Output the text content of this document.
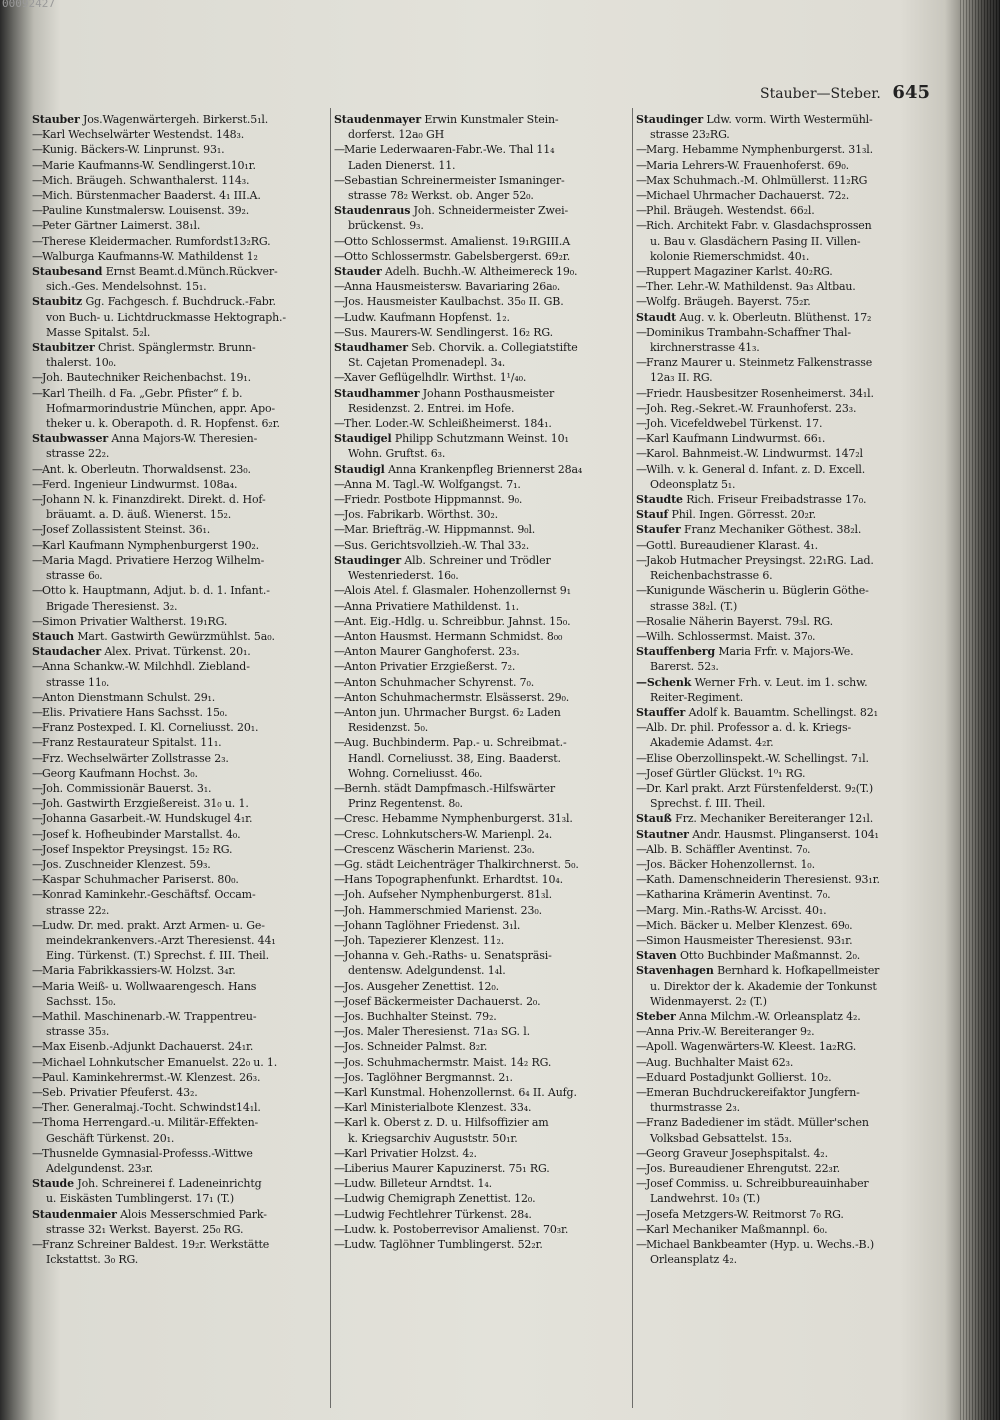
00092427
Stauber—Steber. 645
Stauber Jos.Wagenwärtergeh. Birkerst.5₁l.
—Karl Wechselwärter Westendst. 148₃.
—Kunig. Bäckers-W. Linprunst. 93₁.
—Marie Kaufmanns-W. Sendlingerst.10₁r.
—Mich. Bräugeh. Schwanthalerst. 114₃.
—Mich. Bürstenmacher Baaderst. 4₁ III.A.
—Pauline Kunstmalersw. Louisenst. 39₂.
—Peter Gärtner Laimerst. 38₁l.
—Therese Kleidermacher. Rumfordst13₂RG.
—Walburga Kaufmanns-W. Mathildenst 1₂
Staubesand Ernst Beamt.d.Münch.Rückver-
sich.-Ges. Mendelsohnst. 15₁.
Staubitz Gg. Fachgesch. f. Buchdruck.-Fabr.
von Buch- u. Lichtdruckmasse Hektograph.-
Masse Spitalst. 5₂l.
Staubitzer Christ. Spänglermstr. Brunn-
thalerst. 10₀.
—Joh. Bautechniker Reichenbachst. 19₁.
—Karl Theilh. d Fa. „Gebr. Pfister“ f. b.
Hofmarmorindustrie München, appr. Apo-
theker u. k. Oberapoth. d. R. Hopfenst. 6₂r.
Staubwasser Anna Majors-W. Theresien-
strasse 22₂.
—Ant. k. Oberleutn. Thorwaldsenst. 23₀.
—Ferd. Ingenieur Lindwurmst. 108a₄.
—Johann N. k. Finanzdirekt. Direkt. d. Hof-
bräuamt. a. D. äuß. Wienerst. 15₂.
—Josef Zollassistent Steinst. 36₁.
—Karl Kaufmann Nymphenburgerst 190₂.
—Maria Magd. Privatiere Herzog Wilhelm-
strasse 6₀.
—Otto k. Hauptmann, Adjut. b. d. 1. Infant.-
Brigade Theresienst. 3₂.
—Simon Privatier Waltherst. 19₁RG.
Stauch Mart. Gastwirth Gewürzmühlst. 5a₀.
Staudacher Alex. Privat. Türkenst. 20₁.
—Anna Schankw.-W. Milchhdl. Ziebland-
strasse 11₀.
—Anton Dienstmann Schulst. 29₁.
—Elis. Privatiere Hans Sachsst. 15₀.
—Franz Postexped. I. Kl. Corneliusst. 20₁.
—Franz Restaurateur Spitalst. 11₁.
—Frz. Wechselwärter Zollstrasse 2₃.
—Georg Kaufmann Hochst. 3₀.
—Joh. Commissionär Bauerst. 3₁.
—Joh. Gastwirth Erzgießereist. 31₀ u. 1.
—Johanna Gasarbeit.-W. Hundskugel 4₁r.
—Josef k. Hofheubinder Marstallst. 4₀.
—Josef Inspektor Preysingst. 15₂ RG.
—Jos. Zuschneider Klenzest. 59₃.
—Kaspar Schuhmacher Pariserst. 80₀.
—Konrad Kaminkehr.-Geschäftsf. Occam-
strasse 22₂.
—Ludw. Dr. med. prakt. Arzt Armen- u. Ge-
meindekrankenvers.-Arzt Theresienst. 44₁
Eing. Türkenst. (T.) Sprechst. f. III. Theil.
—Maria Fabrikkassiers-W. Holzst. 3₄r.
—Maria Weiß- u. Wollwaarengesch. Hans
Sachsst. 15₀.
—Mathil. Maschinenarb.-W. Trappentreu-
strasse 35₃.
—Max Eisenb.-Adjunkt Dachauerst. 24₁r.
—Michael Lohnkutscher Emanuelst. 22₀ u. 1.
—Paul. Kaminkehrermst.-W. Klenzest. 26₃.
—Seb. Privatier Pfeuferst. 43₂.
—Ther. Generalmaj.-Tocht. Schwindst14₁l.
—Thoma Herrengard.-u. Militär-Effekten-
Geschäft Türkenst. 20₁.
—Thusnelde Gymnasial-Professs.-Wittwe
Adelgundenst. 23₃r.
Staude Joh. Schreinerei f. Ladeneinrichtg
u. Eiskästen Tumblingerst. 17₁ (T.)
Staudenmaier Alois Messerschmied Park-
strasse 32₁ Werkst. Bayerst. 25₀ RG.
—Franz Schreiner Baldest. 19₂r. Werkstätte
Ickstattst. 3₀ RG.
Staudenmayer Erwin Kunstmaler Stein-
dorferst. 12a₀ GH
—Marie Lederwaaren-Fabr.-We. Thal 11₄
Laden Dienerst. 11.
—Sebastian Schreinermeister Ismaninger-
strasse 78₂ Werkst. ob. Anger 52₀.
Staudenraus Joh. Schneidermeister Zwei-
brückenst. 9₃.
—Otto Schlossermst. Amalienst. 19₁RGIII.A
—Otto Schlossermstr. Gabelsbergerst. 69₂r.
Stauder Adelh. Buchh.-W. Altheimereck 19₀.
—Anna Hausmeistersw. Bavariaring 26a₀.
—Jos. Hausmeister Kaulbachst. 35₀ II. GB.
—Ludw. Kaufmann Hopfenst. 1₂.
—Sus. Maurers-W. Sendlingerst. 16₂ RG.
Staudhamer Seb. Chorvik. a. Collegiatstifte
St. Cajetan Promenadepl. 3₄.
—Xaver Geflügelhdlr. Wirthst. 1¹/₄₀.
Staudhammer Johann Posthausmeister
Residenzst. 2. Entrei. im Hofe.
—Ther. Loder.-W. Schleißheimerst. 184₁.
Staudigel Philipp Schutzmann Weinst. 10₁
Wohn. Gruftst. 6₃.
Staudigl Anna Krankenpfleg Briennerst 28a₄
—Anna M. Tagl.-W. Wolfgangst. 7₁.
—Friedr. Postbote Hippmannst. 9₀.
—Jos. Fabrikarb. Wörthst. 30₂.
—Mar. Briefträg.-W. Hippmannst. 9₀l.
—Sus. Gerichtsvollzieh.-W. Thal 33₂.
Staudinger Alb. Schreiner und Trödler
Westenriederst. 16₀.
—Alois Atel. f. Glasmaler. Hohenzollernst 9₁
—Anna Privatiere Mathildenst. 1₁.
—Ant. Eig.-Hdlg. u. Schreibbur. Jahnst. 15₀.
—Anton Hausmst. Hermann Schmidst. 8₀₀
—Anton Maurer Ganghoferst. 23₃.
—Anton Privatier Erzgießerst. 7₂.
—Anton Schuhmacher Schyrenst. 7₀.
—Anton Schuhmachermstr. Elsässerst. 29₀.
—Anton jun. Uhrmacher Burgst. 6₂ Laden
Residenzst. 5₀.
—Aug. Buchbinderm. Pap.- u. Schreibmat.-
Handl. Corneliusst. 38, Eing. Baaderst.
Wohng. Corneliusst. 46₀.
—Bernh. städt Dampfmasch.-Hilfswärter
Prinz Regentenst. 8₀.
—Cresc. Hebamme Nymphenburgerst. 31₃l.
—Cresc. Lohnkutschers-W. Marienpl. 2₄.
—Crescenz Wäscherin Marienst. 23₀.
—Gg. städt Leichenträger Thalkirchnerst. 5₀.
—Hans Topographenfunkt. Erhardtst. 10₄.
—Joh. Aufseher Nymphenburgerst. 81₃l.
—Joh. Hammerschmied Marienst. 23₀.
—Johann Taglöhner Friedenst. 3₁l.
—Joh. Tapezierer Klenzest. 11₂.
—Johanna v. Geh.-Raths- u. Senatspräsi-
dentensw. Adelgundenst. 1₄l.
—Jos. Ausgeher Zenettist. 12₀.
—Josef Bäckermeister Dachauerst. 2₀.
—Jos. Buchhalter Steinst. 79₂.
—Jos. Maler Theresienst. 71a₃ SG. l.
—Jos. Schneider Palmst. 8₂r.
—Jos. Schuhmachermstr. Maist. 14₂ RG.
—Jos. Taglöhner Bergmannst. 2₁.
—Karl Kunstmal. Hohenzollernst. 6₄ II. Aufg.
—Karl Ministerialbote Klenzest. 33₄.
—Karl k. Oberst z. D. u. Hilfsoffizier am
k. Kriegsarchiv Auguststr. 50₁r.
—Karl Privatier Holzst. 4₂.
—Liberius Maurer Kapuzinerst. 75₁ RG.
—Ludw. Billeteur Arndtst. 1₄.
—Ludwig Chemigraph Zenettist. 12₀.
—Ludwig Fechtlehrer Türkenst. 28₄.
—Ludw. k. Postoberrevisor Amalienst. 70₃r.
—Ludw. Taglöhner Tumblingerst. 52₂r.
Staudinger Ldw. vorm. Wirth Westermühl-
strasse 23₂RG.
—Marg. Hebamme Nymphenburgerst. 31₃l.
—Maria Lehrers-W. Frauenhoferst. 69₀.
—Max Schuhmach.-M. Ohlmüllerst. 11₂RG
—Michael Uhrmacher Dachauerst. 72₂.
—Phil. Bräugeh. Westendst. 66₂l.
—Rich. Architekt Fabr. v. Glasdachsprossen
u. Bau v. Glasdächern Pasing II. Villen-
kolonie Riemerschmidst. 40₁.
—Ruppert Magaziner Karlst. 40₂RG.
—Ther. Lehr.-W. Mathildenst. 9a₃ Altbau.
—Wolfg. Bräugeh. Bayerst. 75₂r.
Staudt Aug. v. k. Oberleutn. Blüthenst. 17₂
—Dominikus Trambahn-Schaffner Thal-
kirchnerstrasse 41₃.
—Franz Maurer u. Steinmetz Falkenstrasse
12a₃ II. RG.
—Friedr. Hausbesitzer Rosenheimerst. 34₁l.
—Joh. Reg.-Sekret.-W. Fraunhoferst. 23₃.
—Joh. Vicefeldwebel Türkenst. 17.
—Karl Kaufmann Lindwurmst. 66₁.
—Karol. Bahnmeist.-W. Lindwurmst. 147₂l
—Wilh. v. k. General d. Infant. z. D. Excell.
Odeonsplatz 5₁.
Staudte Rich. Friseur Freibadstrasse 17₀.
Stauf Phil. Ingen. Görresst. 20₂r.
Staufer Franz Mechaniker Göthest. 38₂l.
—Gottl. Bureaudiener Klarast. 4₁.
—Jakob Hutmacher Preysingst. 22₁RG. Lad.
Reichenbachstrasse 6.
—Kunigunde Wäscherin u. Büglerin Göthe-
strasse 38₂l. (T.)
—Rosalie Näherin Bayerst. 79₃l. RG.
—Wilh. Schlossermst. Maist. 37₀.
Stauffenberg Maria Frfr. v. Majors-We.
Barerst. 52₃.
—Schenk Werner Frh. v. Leut. im 1. schw.
Reiter-Regiment.
Stauffer Adolf k. Bauamtm. Schellingst. 82₁
—Alb. Dr. phil. Professor a. d. k. Kriegs-
Akademie Adamst. 4₂r.
—Elise Oberzollinspekt.-W. Schellingst. 7₁l.
—Josef Gürtler Glückst. 1⁰₁ RG.
—Dr. Karl prakt. Arzt Fürstenfelderst. 9₂(T.)
Sprechst. f. III. Theil.
Stauß Frz. Mechaniker Bereiteranger 12₁l.
Stautner Andr. Hausmst. Plinganserst. 104₁
—Alb. B. Schäffler Aventinst. 7₀.
—Jos. Bäcker Hohenzollernst. 1₀.
—Kath. Damenschneiderin Theresienst. 93₁r.
—Katharina Krämerin Aventinst. 7₀.
—Marg. Min.-Raths-W. Arcisst. 40₁.
—Mich. Bäcker u. Melber Klenzest. 69₀.
—Simon Hausmeister Theresienst. 93₁r.
Staven Otto Buchbinder Maßmannst. 2₀.
Stavenhagen Bernhard k. Hofkapellmeister
u. Direktor der k. Akademie der Tonkunst
Widenmayerst. 2₂ (T.)
Steber Anna Milchm.-W. Orleansplatz 4₂.
—Anna Priv.-W. Bereiteranger 9₂.
—Apoll. Wagenwärters-W. Kleest. 1a₂RG.
—Aug. Buchhalter Maist 62₃.
—Eduard Postadjunkt Gollierst. 10₂.
—Emeran Buchdruckereifaktor Jungfern-
thurmstrasse 2₃.
—Franz Badediener im städt. Müller'schen
Volksbad Gebsattelst. 15₃.
—Georg Graveur Josephspitalst. 4₂.
—Jos. Bureaudiener Ehrengutst. 22₃r.
—Josef Commiss. u. Schreibbureauinhaber
Landwehrst. 10₃ (T.)
—Josefa Metzgers-W. Reitmorst 7₀ RG.
—Karl Mechaniker Maßmannpl. 6₀.
—Michael Bankbeamter (Hyp. u. Wechs.-B.)
Orleansplatz 4₂.
